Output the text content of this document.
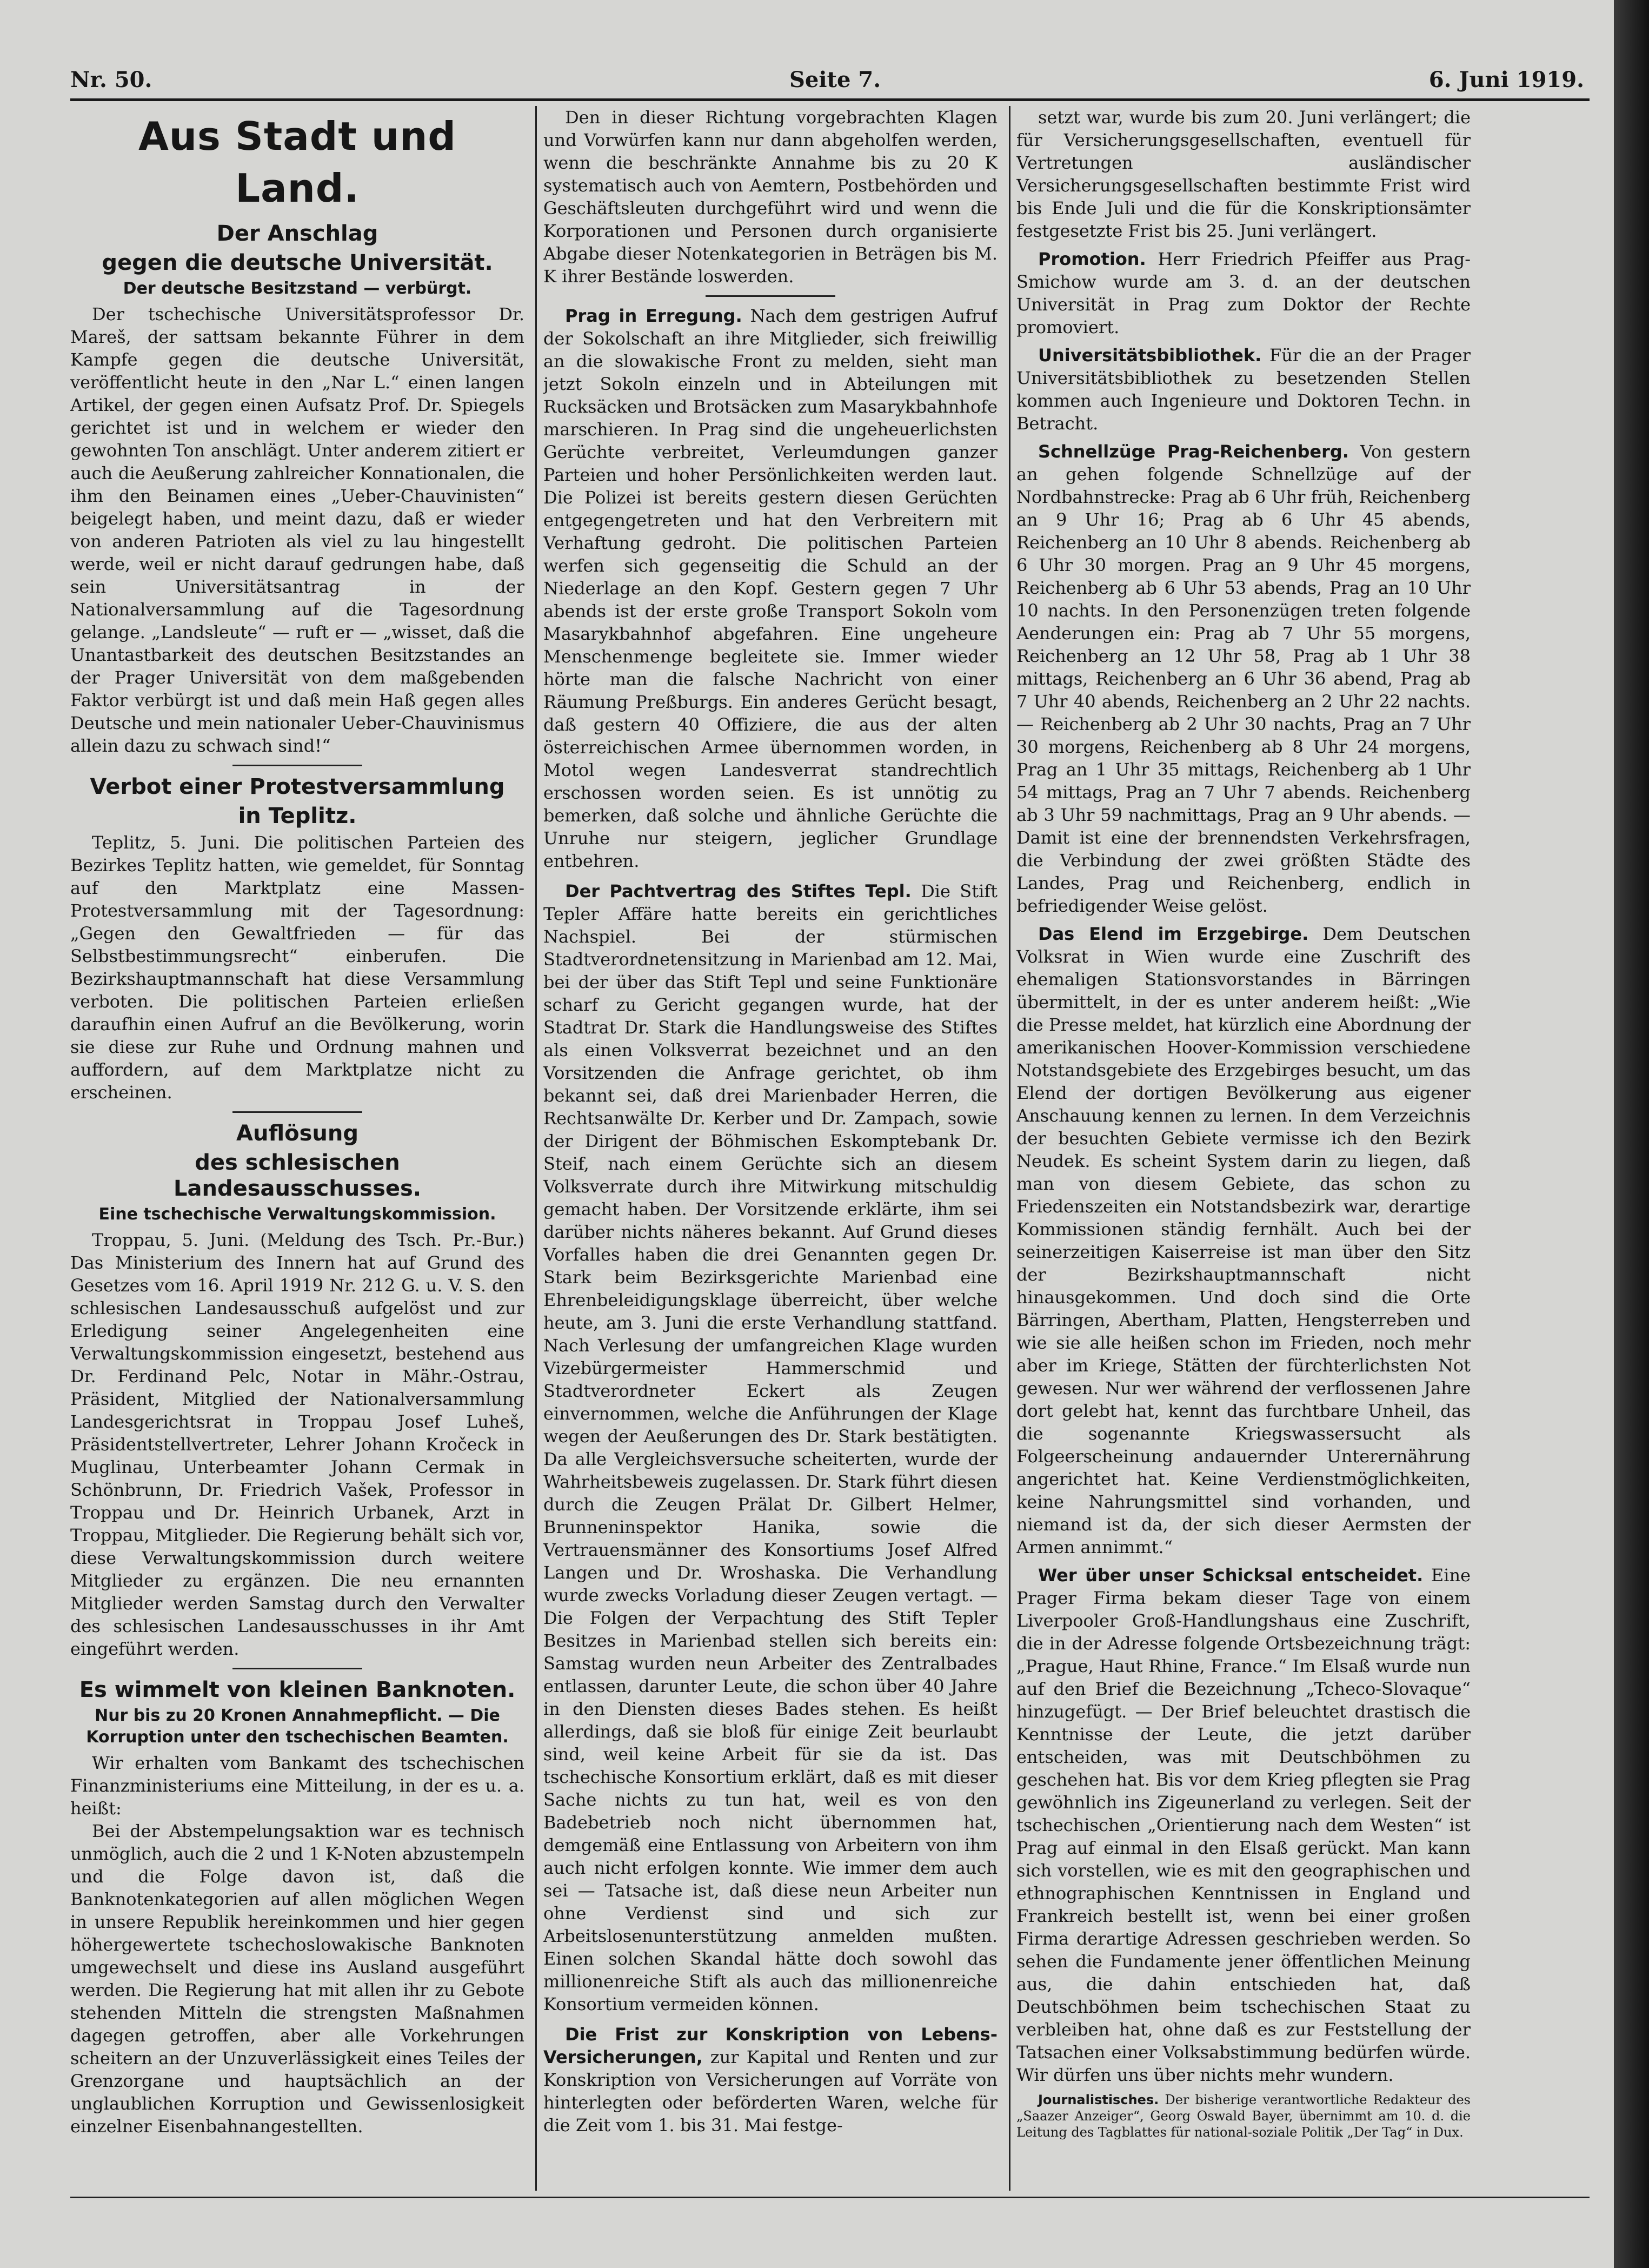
Nr. 50.	Seite 7.	6. Juni 1919.
Aus Stadt und Land.
Der Anschlag
gegen die deutsche Universität.
Der deutsche Besitzstand — verbürgt.

Der tschechische Universitätsprofessor Dr. Mareš, der sattsam bekannte Führer in dem Kampfe gegen die deutsche Universität, veröffentlicht heute in den „Nar L.“ einen langen Artikel, der gegen einen Aufsatz Prof. Dr. Spiegels gerichtet ist und in welchem er wieder den gewohnten Ton anschlägt. Unter anderem zitiert er auch die Aeußerung zahlreicher Konnationalen, die ihm den Beinamen eines „Ueber-Chauvinisten“ beigelegt haben, und meint dazu, daß er wieder von anderen Patrioten als viel zu lau hingestellt werde, weil er nicht darauf gedrungen habe, daß sein Universitätsantrag in der Nationalversammlung auf die Tagesordnung gelange. „Landsleute“ — ruft er — „wisset, daß die Unantastbarkeit des deutschen Besitzstandes an der Prager Universität von dem maßgebenden Faktor verbürgt ist und daß mein Haß gegen alles Deutsche und mein nationaler Ueber-Chauvinismus allein dazu zu schwach sind!“

Verbot einer Protestversammlung
in Teplitz.

Teplitz, 5. Juni. Die politischen Parteien des Bezirkes Teplitz hatten, wie gemeldet, für Sonntag auf den Marktplatz eine Massen-Protestversammlung mit der Tagesordnung: „Gegen den Gewaltfrieden — für das Selbstbestimmungsrecht“ einberufen. Die Bezirkshauptmannschaft hat diese Versammlung verboten. Die politischen Parteien erließen daraufhin einen Aufruf an die Bevölkerung, worin sie diese zur Ruhe und Ordnung mahnen und auffordern, auf dem Marktplatze nicht zu erscheinen.

Auflösung
des schlesischen Landesausschusses.
Eine tschechische Verwaltungskommission.

Troppau, 5. Juni. (Meldung des Tsch. Pr.-Bur.) Das Ministerium des Innern hat auf Grund des Gesetzes vom 16. April 1919 Nr. 212 G. u. V. S. den schlesischen Landesausschuß aufgelöst und zur Erledigung seiner Angelegenheiten eine Verwaltungskommission eingesetzt, bestehend aus Dr. Ferdinand Pelc, Notar in Mähr.-Ostrau, Präsident, Mitglied der Nationalversammlung Landesgerichtsrat in Troppau Josef Luheš, Präsidentstellvertreter, Lehrer Johann Kročeck in Muglinau, Unterbeamter Johann Cermak in Schönbrunn, Dr. Friedrich Vašek, Professor in Troppau und Dr. Heinrich Urbanek, Arzt in Troppau, Mitglieder. Die Regierung behält sich vor, diese Verwaltungskommission durch weitere Mitglieder zu ergänzen. Die neu ernannten Mitglieder werden Samstag durch den Verwalter des schlesischen Landesausschusses in ihr Amt eingeführt werden.

Es wimmelt von kleinen Banknoten.
Nur bis zu 20 Kronen Annahmepflicht. — Die Korruption unter den tschechischen Beamten.

Wir erhalten vom Bankamt des tschechischen Finanzministeriums eine Mitteilung, in der es u. a. heißt:

Bei der Abstempelungsaktion war es technisch unmöglich, auch die 2 und 1 K-Noten abzustempeln und die Folge davon ist, daß die Banknotenkategorien auf allen möglichen Wegen in unsere Republik hereinkommen und hier gegen höhergewertete tschechoslowakische Banknoten umgewechselt und diese ins Ausland ausgeführt werden. Die Regierung hat mit allen ihr zu Gebote stehenden Mitteln die strengsten Maßnahmen dagegen getroffen, aber alle Vorkehrungen scheitern an der Unzuverlässigkeit eines Teiles der Grenzorgane und hauptsächlich an der unglaublichen Korruption und Gewissenlosigkeit einzelner Eisenbahnangestellten.

Den in dieser Richtung vorgebrachten Klagen und Vorwürfen kann nur dann abgeholfen werden, wenn die beschränkte Annahme bis zu 20 K systematisch auch von Aemtern, Postbehörden und Geschäftsleuten durchgeführt wird und wenn die Korporationen und Personen durch organisierte Abgabe dieser Notenkategorien in Beträgen bis M. K ihrer Bestände loswerden.

Prag in Erregung. Nach dem gestrigen Aufruf der Sokolschaft an ihre Mitglieder, sich freiwillig an die slowakische Front zu melden, sieht man jetzt Sokoln einzeln und in Abteilungen mit Rucksäcken und Brotsäcken zum Masarykbahnhofe marschieren. In Prag sind die ungeheuerlichsten Gerüchte verbreitet, Verleumdungen ganzer Parteien und hoher Persönlichkeiten werden laut. Die Polizei ist bereits gestern diesen Gerüchten entgegengetreten und hat den Verbreitern mit Verhaftung gedroht. Die politischen Parteien werfen sich gegenseitig die Schuld an der Niederlage an den Kopf. Gestern gegen 7 Uhr abends ist der erste große Transport Sokoln vom Masarykbahnhof abgefahren. Eine ungeheure Menschenmenge begleitete sie. Immer wieder hörte man die falsche Nachricht von einer Räumung Preßburgs. Ein anderes Gerücht besagt, daß gestern 40 Offiziere, die aus der alten österreichischen Armee übernommen worden, in Motol wegen Landesverrat standrechtlich erschossen worden seien. Es ist unnötig zu bemerken, daß solche und ähnliche Gerüchte die Unruhe nur steigern, jeglicher Grundlage entbehren.

Der Pachtvertrag des Stiftes Tepl. Die Stift Tepler Affäre hatte bereits ein gerichtliches Nachspiel. Bei der stürmischen Stadtverordnetensitzung in Marienbad am 12. Mai, bei der über das Stift Tepl und seine Funktionäre scharf zu Gericht gegangen wurde, hat der Stadtrat Dr. Stark die Handlungsweise des Stiftes als einen Volksverrat bezeichnet und an den Vorsitzenden die Anfrage gerichtet, ob ihm bekannt sei, daß drei Marienbader Herren, die Rechtsanwälte Dr. Kerber und Dr. Zampach, sowie der Dirigent der Böhmischen Eskomptebank Dr. Steif, nach einem Gerüchte sich an diesem Volksverrate durch ihre Mitwirkung mitschuldig gemacht haben. Der Vorsitzende erklärte, ihm sei darüber nichts näheres bekannt. Auf Grund dieses Vorfalles haben die drei Genannten gegen Dr. Stark beim Bezirksgerichte Marienbad eine Ehrenbeleidigungsklage überreicht, über welche heute, am 3. Juni die erste Verhandlung stattfand. Nach Verlesung der umfangreichen Klage wurden Vizebürgermeister Hammerschmid und Stadtverordneter Eckert als Zeugen einvernommen, welche die Anführungen der Klage wegen der Aeußerungen des Dr. Stark bestätigten. Da alle Vergleichsversuche scheiterten, wurde der Wahrheitsbeweis zugelassen. Dr. Stark führt diesen durch die Zeugen Prälat Dr. Gilbert Helmer, Brunneninspektor Hanika, sowie die Vertrauensmänner des Konsortiums Josef Alfred Langen und Dr. Wroshaska. Die Verhandlung wurde zwecks Vorladung dieser Zeugen vertagt. — Die Folgen der Verpachtung des Stift Tepler Besitzes in Marienbad stellen sich bereits ein: Samstag wurden neun Arbeiter des Zentralbades entlassen, darunter Leute, die schon über 40 Jahre in den Diensten dieses Bades stehen. Es heißt allerdings, daß sie bloß für einige Zeit beurlaubt sind, weil keine Arbeit für sie da ist. Das tschechische Konsortium erklärt, daß es mit dieser Sache nichts zu tun hat, weil es von den Badebetrieb noch nicht übernommen hat, demgemäß eine Entlassung von Arbeitern von ihm auch nicht erfolgen konnte. Wie immer dem auch sei — Tatsache ist, daß diese neun Arbeiter nun ohne Verdienst sind und sich zur Arbeitslosenunterstützung anmelden mußten. Einen solchen Skandal hätte doch sowohl das millionenreiche Stift als auch das millionenreiche Konsortium vermeiden können.

Die Frist zur Konskription von Lebens-Versicherungen, zur Kapital und Renten und zur Konskription von Versicherungen auf Vorräte von hinterlegten oder beförderten Waren, welche für die Zeit vom 1. bis 31. Mai festge-

setzt war, wurde bis zum 20. Juni verlängert; die für Versicherungsgesellschaften, eventuell für Vertretungen ausländischer Versicherungsgesellschaften bestimmte Frist wird bis Ende Juli und die für die Konskriptionsämter festgesetzte Frist bis 25. Juni verlängert.

Promotion. Herr Friedrich Pfeiffer aus Prag-Smichow wurde am 3. d. an der deutschen Universität in Prag zum Doktor der Rechte promoviert.

Universitätsbibliothek. Für die an der Prager Universitätsbibliothek zu besetzenden Stellen kommen auch Ingenieure und Doktoren Techn. in Betracht.

Schnellzüge Prag-Reichenberg. Von gestern an gehen folgende Schnellzüge auf der Nordbahnstrecke: Prag ab 6 Uhr früh, Reichenberg an 9 Uhr 16; Prag ab 6 Uhr 45 abends, Reichenberg an 10 Uhr 8 abends. Reichenberg ab 6 Uhr 30 morgen. Prag an 9 Uhr 45 morgens, Reichenberg ab 6 Uhr 53 abends, Prag an 10 Uhr 10 nachts. In den Personenzügen treten folgende Aenderungen ein: Prag ab 7 Uhr 55 morgens, Reichenberg an 12 Uhr 58, Prag ab 1 Uhr 38 mittags, Reichenberg an 6 Uhr 36 abend, Prag ab 7 Uhr 40 abends, Reichenberg an 2 Uhr 22 nachts. — Reichenberg ab 2 Uhr 30 nachts, Prag an 7 Uhr 30 morgens, Reichenberg ab 8 Uhr 24 morgens, Prag an 1 Uhr 35 mittags, Reichenberg ab 1 Uhr 54 mittags, Prag an 7 Uhr 7 abends. Reichenberg ab 3 Uhr 59 nachmittags, Prag an 9 Uhr abends. — Damit ist eine der brennendsten Verkehrsfragen, die Verbindung der zwei größten Städte des Landes, Prag und Reichenberg, endlich in befriedigender Weise gelöst.

Das Elend im Erzgebirge. Dem Deutschen Volksrat in Wien wurde eine Zuschrift des ehemaligen Stationsvorstandes in Bärringen übermittelt, in der es unter anderem heißt: „Wie die Presse meldet, hat kürzlich eine Abordnung der amerikanischen Hoover-Kommission verschiedene Notstandsgebiete des Erzgebirges besucht, um das Elend der dortigen Bevölkerung aus eigener Anschauung kennen zu lernen. In dem Verzeichnis der besuchten Gebiete vermisse ich den Bezirk Neudek. Es scheint System darin zu liegen, daß man von diesem Gebiete, das schon zu Friedenszeiten ein Notstandsbezirk war, derartige Kommissionen ständig fernhält. Auch bei der seinerzeitigen Kaiserreise ist man über den Sitz der Bezirkshauptmannschaft nicht hinausgekommen. Und doch sind die Orte Bärringen, Abertham, Platten, Hengsterreben und wie sie alle heißen schon im Frieden, noch mehr aber im Kriege, Stätten der fürchterlichsten Not gewesen. Nur wer während der verflossenen Jahre dort gelebt hat, kennt das furchtbare Unheil, das die sogenannte Kriegswassersucht als Folgeerscheinung andauernder Unterernährung angerichtet hat. Keine Verdienstmöglichkeiten, keine Nahrungsmittel sind vorhanden, und niemand ist da, der sich dieser Aermsten der Armen annimmt.“

Wer über unser Schicksal entscheidet. Eine Prager Firma bekam dieser Tage von einem Liverpooler Groß-Handlungshaus eine Zuschrift, die in der Adresse folgende Ortsbezeichnung trägt: „Prague, Haut Rhine, France.“ Im Elsaß wurde nun auf den Brief die Bezeichnung „Tcheco-Slovaque“ hinzugefügt. — Der Brief beleuchtet drastisch die Kenntnisse der Leute, die jetzt darüber entscheiden, was mit Deutschböhmen zu geschehen hat. Bis vor dem Krieg pflegten sie Prag gewöhnlich ins Zigeunerland zu verlegen. Seit der tschechischen „Orientierung nach dem Westen“ ist Prag auf einmal in den Elsaß gerückt. Man kann sich vorstellen, wie es mit den geographischen und ethnographischen Kenntnissen in England und Frankreich bestellt ist, wenn bei einer großen Firma derartige Adressen geschrieben werden. So sehen die Fundamente jener öffentlichen Meinung aus, die dahin entschieden hat, daß Deutschböhmen beim tschechischen Staat zu verbleiben hat, ohne daß es zur Feststellung der Tatsachen einer Volksabstimmung bedürfen würde. Wir dürfen uns über nichts mehr wundern.

Journalistisches. Der bisherige verantwortliche Redakteur des „Saazer Anzeiger“, Georg Oswald Bayer, übernimmt am 10. d. die Leitung des Tagblattes für national-soziale Politik „Der Tag“ in Dux.
